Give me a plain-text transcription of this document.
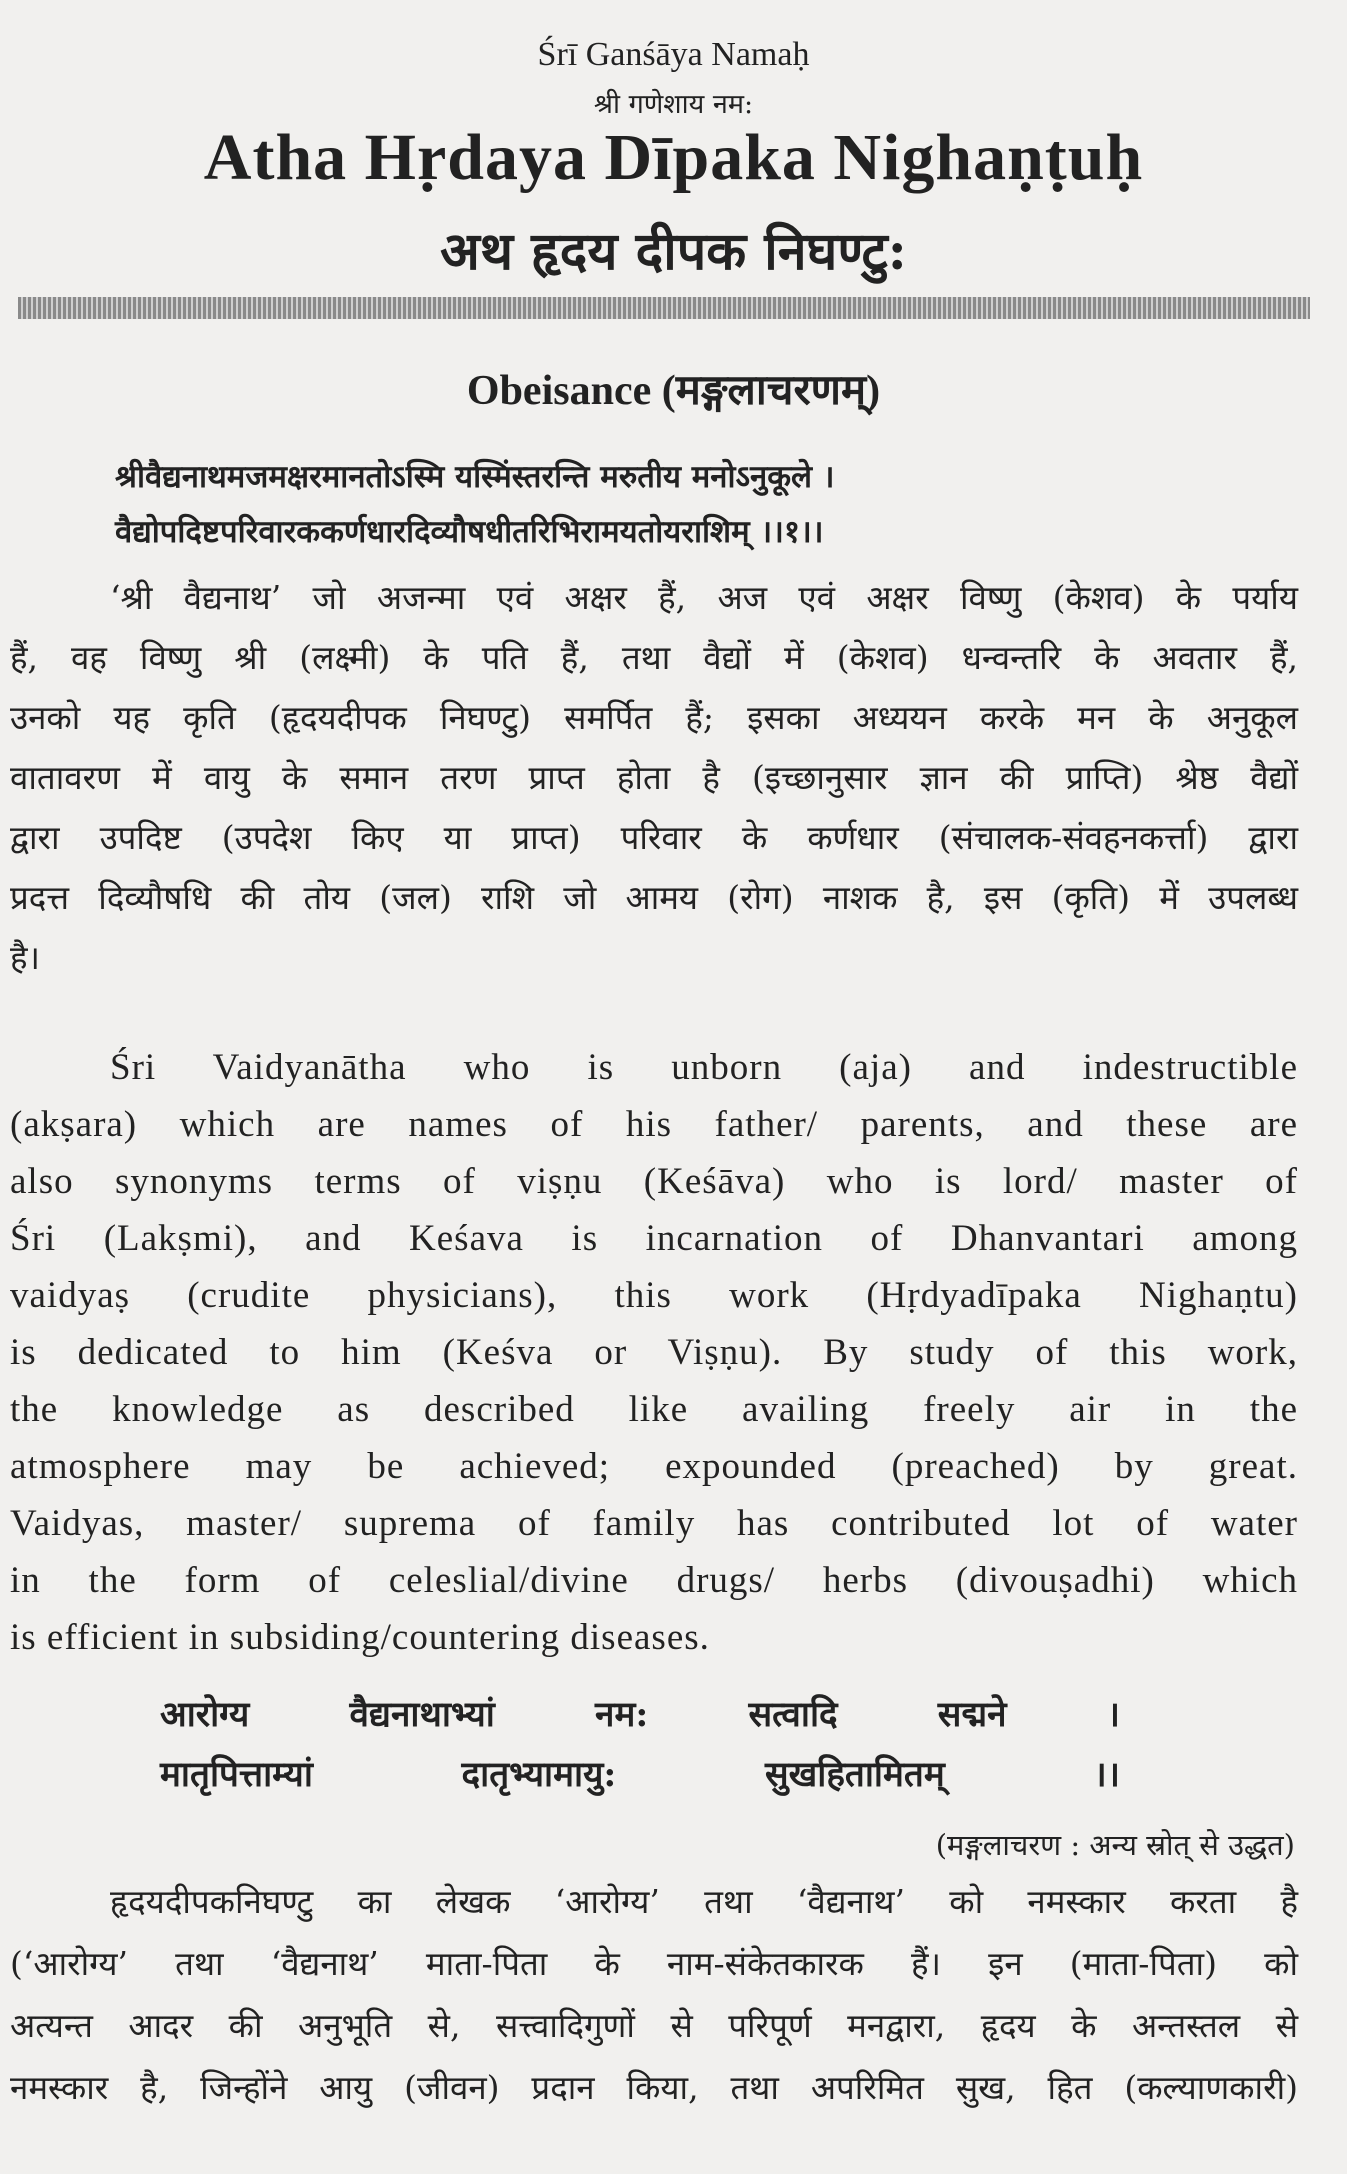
Śrī Ganśāya Namaḥ
श्री गणेशाय नम:
Atha Hṛdaya Dīpaka Nighaṇṭuḥ
अथ हृदय दीपक निघण्टु:
Obeisance (मङ्गलाचरणम्)
श्रीवैद्यनाथमजमक्षरमानतोऽस्मि यस्मिंस्तरन्ति मरुतीय मनोऽनुकूले ।
वैद्योपदिष्टपरिवारककर्णधारदिव्यौषधीतरिभिरामयतोयराशिम् ।।१।।
‘श्री वैद्यनाथ’ जो अजन्मा एवं अक्षर हैं, अज एवं अक्षर विष्णु (केशव) के पर्याय
हैं, वह विष्णु श्री (लक्ष्मी) के पति हैं, तथा वैद्यों में (केशव) धन्वन्तरि के अवतार हैं,
उनको यह कृति (हृदयदीपक निघण्टु) समर्पित हैं; इसका अध्ययन करके मन के अनुकूल
वातावरण में वायु के समान तरण प्राप्त होता है (इच्छानुसार ज्ञान की प्राप्ति) श्रेष्ठ वैद्यों
द्वारा उपदिष्ट (उपदेश किए या प्राप्त) परिवार के कर्णधार (संचालक-संवहनकर्त्ता) द्वारा
प्रदत्त दिव्यौषधि की तोय (जल) राशि जो आमय (रोग) नाशक है, इस (कृति) में उपलब्ध
है।
Śri Vaidyanātha who is unborn (aja) and indestructible
(akṣara) which are names of his father/ parents, and these are
also synonyms terms of viṣṇu (Keśāva) who is lord/ master of
Śri (Lakṣmi), and Keśava is incarnation of Dhanvantari among
vaidyaṣ (crudite physicians), this work (Hṛdyadīpaka Nighaṇtu)
is dedicated to him (Keśva or Viṣṇu). By study of this work,
the knowledge as described like availing freely air in the
atmosphere may be achieved; expounded (preached) by great.
Vaidyas, master/ suprema of family has contributed lot of water
in the form of celeslial/divine drugs/ herbs (divouṣadhi) which
is efficient in subsiding/countering diseases.
आरोग्य वैद्यनाथाभ्यां नम: सत्वादि सद्मने ।
मातृपित्ताम्यां दातृभ्यामायु: सुखहितामितम् ।।
(मङ्गलाचरण : अन्य स्रोत् से उद्धत)
हृदयदीपकनिघण्टु का लेखक ‘आरोग्य’ तथा ‘वैद्यनाथ’ को नमस्कार करता है
(‘आरोग्य’ तथा ‘वैद्यनाथ’ माता-पिता के नाम-संकेतकारक हैं। इन (माता-पिता) को
अत्यन्त आदर की अनुभूति से, सत्त्वादिगुणों से परिपूर्ण मनद्वारा, हृदय के अन्तस्तल से
नमस्कार है, जिन्होंने आयु (जीवन) प्रदान किया, तथा अपरिमित सुख, हित (कल्याणकारी)
